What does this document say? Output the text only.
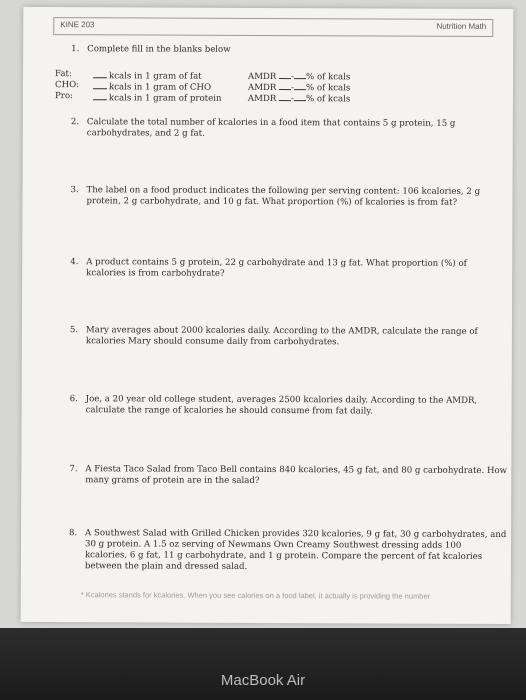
KINE 203	Nutrition Math
1. Complete fill in the blanks below
Fat:	kcals in 1 gram of fat	AMDR - % of kcals
CHO:	kcals in 1 gram of CHO	AMDR - % of kcals
Pro:	kcals in 1 gram of protein	AMDR - % of kcals
2. Calculate the total number of kcalories in a food item that contains 5 g protein, 15 g
carbohydrates, and 2 g fat.
3. The label on a food product indicates the following per serving content: 106 kcalories, 2 g
protein, 2 g carbohydrate, and 10 g fat. What proportion (%) of kcalories is from fat?
4. A product contains 5 g protein, 22 g carbohydrate and 13 g fat. What proportion (%) of
kcalories is from carbohydrate?
5. Mary averages about 2000 kcalories daily. According to the AMDR, calculate the range of
kcalories Mary should consume daily from carbohydrates.
6. Joe, a 20 year old college student, averages 2500 kcalories daily. According to the AMDR,
calculate the range of kcalories he should consume from fat daily.
7. A Fiesta Taco Salad from Taco Bell contains 840 kcalories, 45 g fat, and 80 g carbohydrate. How
many grams of protein are in the salad?
8. A Southwest Salad with Grilled Chicken provides 320 kcalories, 9 g fat, 30 g carbohydrates, and
30 g protein. A 1.5 oz serving of Newmans Own Creamy Southwest dressing adds 100
kcalories, 6 g fat, 11 g carbohydrate, and 1 g protein. Compare the percent of fat kcalories
between the plain and dressed salad.
* Kcalories stands for kcalories. When you see calories on a food label, it actually is providing the number
MacBook Air
